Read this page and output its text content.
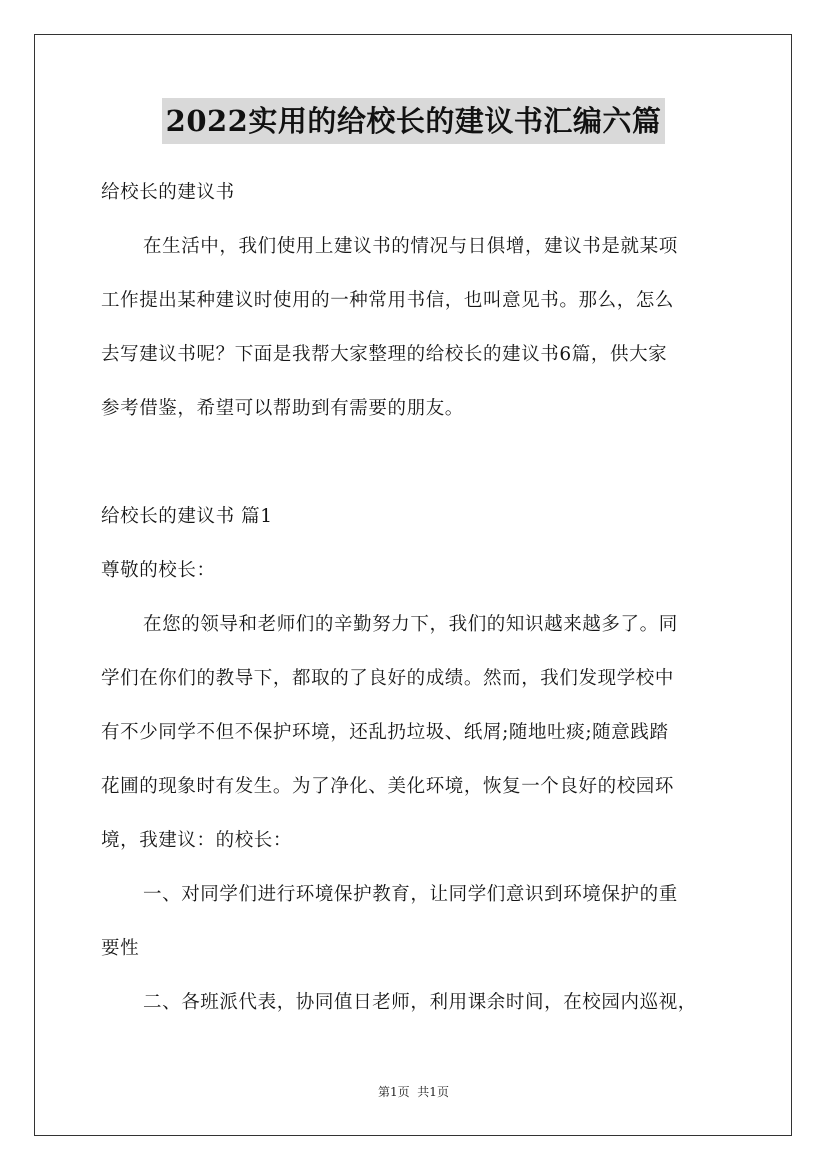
2022实用的给校长的建议书汇编六篇
给校长的建议书
在生活中，我们使用上建议书的情况与日俱增，建议书是就某项
工作提出某种建议时使用的一种常用书信，也叫意见书。那么，怎么
去写建议书呢？下面是我帮大家整理的给校长的建议书6篇，供大家
参考借鉴，希望可以帮助到有需要的朋友。
给校长的建议书 篇1
尊敬的校长：
在您的领导和老师们的辛勤努力下，我们的知识越来越多了。同
学们在你们的教导下，都取的了良好的成绩。然而，我们发现学校中
有不少同学不但不保护环境，还乱扔垃圾、纸屑;随地吐痰;随意践踏
花圃的现象时有发生。为了净化、美化环境，恢复一个良好的校园环
境，我建议：的校长：
一、对同学们进行环境保护教育，让同学们意识到环境保护的重
要性
二、各班派代表，协同值日老师，利用课余时间，在校园内巡视，
第1页  共1页
